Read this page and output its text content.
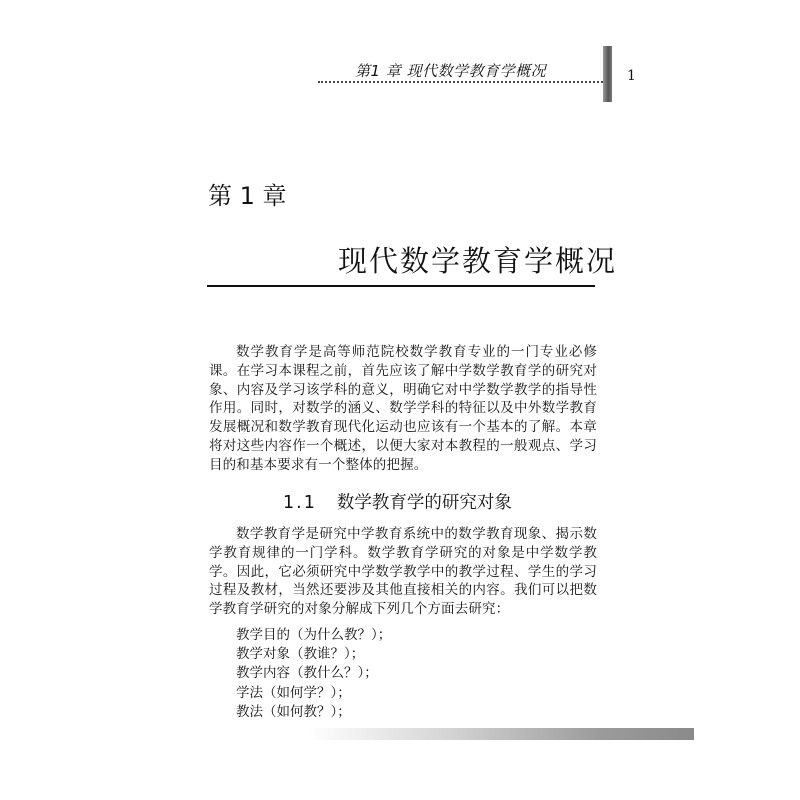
第1 章 现代数学教育学概况	1
第 1 章
现代数学教育学概况

数学教育学是高等师范院校数学教育专业的一门专业必修课。在学习本课程之前，首先应该了解中学数学教育学的研究对象、内容及学习该学科的意义，明确它对中学数学教学的指导性作用。同时，对数学的涵义、数学学科的特征以及中外数学教育发展概况和数学教育现代化运动也应该有一个基本的了解。本章将对这些内容作一个概述，以便大家对本教程的一般观点、学习目的和基本要求有一个整体的把握。

1.1 数学教育学的研究对象

数学教育学是研究中学教育系统中的数学教育现象、揭示数学教育规律的一门学科。数学教育学研究的对象是中学数学教学。因此，它必须研究中学数学教学中的教学过程、学生的学习过程及教材，当然还要涉及其他直接相关的内容。我们可以把数学教育学研究的对象分解成下列几个方面去研究：

教学目的（为什么教？）；
教学对象（教谁？）；
教学内容（教什么？）；
学法（如何学？）；
教法（如何教？）；
